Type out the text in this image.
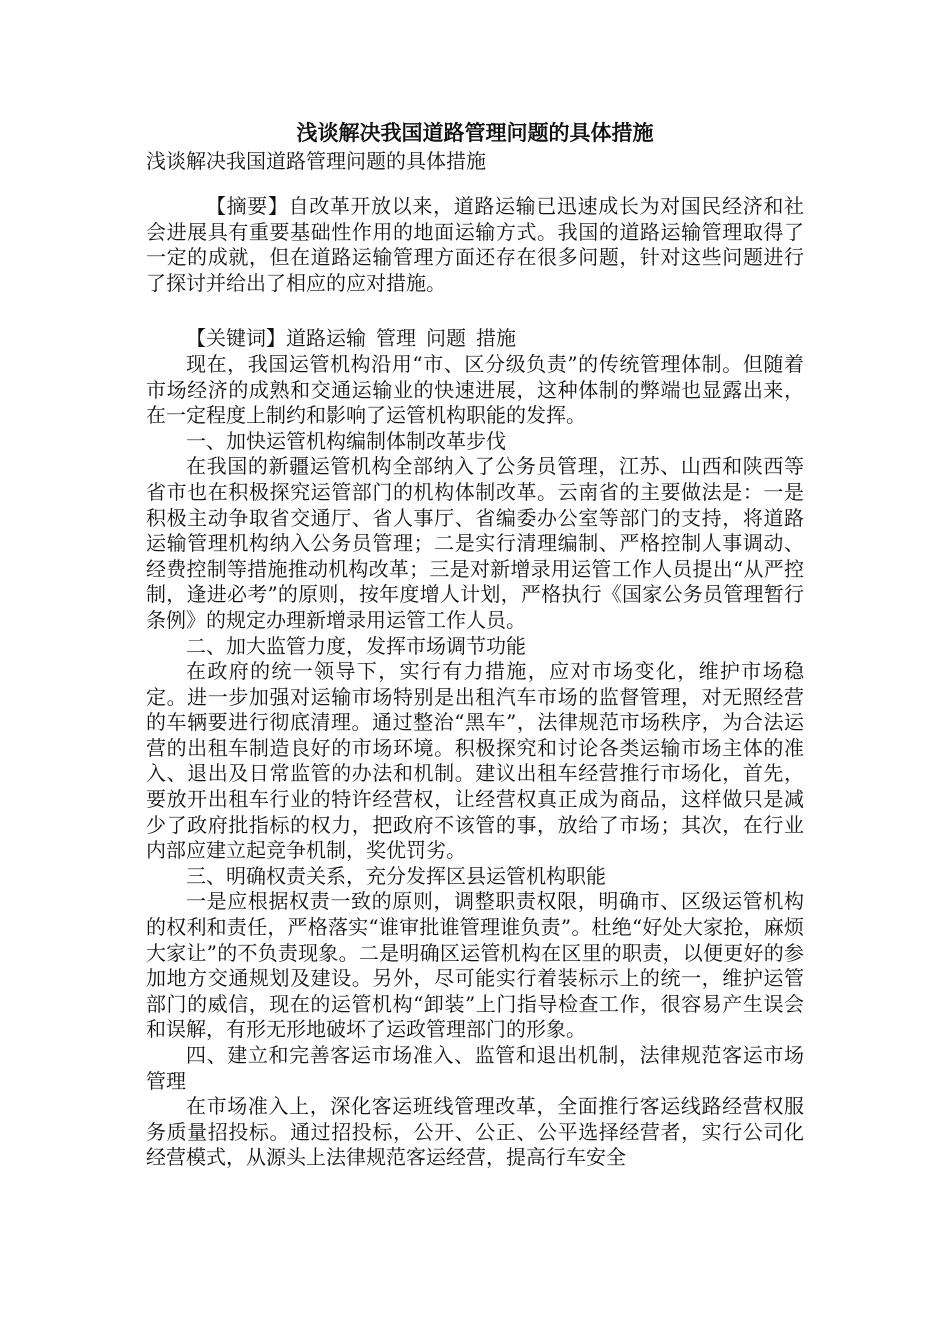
浅谈解决我国道路管理问题的具体措施
浅谈解决我国道路管理问题的具体措施

【摘要】自改革开放以来，道路运输已迅速成长为对国民经济和社会进展具有重要基础性作用的地面运输方式。我国的道路运输管理取得了一定的成就，但在道路运输管理方面还存在很多问题，针对这些问题进行了探讨并给出了相应的应对措施。

【关键词】道路运输 管理 问题 措施

现在，我国运管机构沿用“市、区分级负责”的传统管理体制。但随着市场经济的成熟和交通运输业的快速进展，这种体制的弊端也显露出来，在一定程度上制约和影响了运管机构职能的发挥。

一、加快运管机构编制体制改革步伐

在我国的新疆运管机构全部纳入了公务员管理，江苏、山西和陕西等省市也在积极探究运管部门的机构体制改革。云南省的主要做法是：一是积极主动争取省交通厅、省人事厅、省编委办公室等部门的支持，将道路运输管理机构纳入公务员管理；二是实行清理编制、严格控制人事调动、经费控制等措施推动机构改革；三是对新增录用运管工作人员提出“从严控制，逢进必考”的原则，按年度增人计划，严格执行《国家公务员管理暂行条例》的规定办理新增录用运管工作人员。

二、加大监管力度，发挥市场调节功能

在政府的统一领导下，实行有力措施，应对市场变化，维护市场稳定。进一步加强对运输市场特别是出租汽车市场的监督管理，对无照经营的车辆要进行彻底清理。通过整治“黑车”，法律规范市场秩序，为合法运营的出租车制造良好的市场环境。积极探究和讨论各类运输市场主体的准入、退出及日常监管的办法和机制。建议出租车经营推行市场化，首先，要放开出租车行业的特许经营权，让经营权真正成为商品，这样做只是减少了政府批指标的权力，把政府不该管的事，放给了市场；其次，在行业内部应建立起竞争机制，奖优罚劣。

三、明确权责关系，充分发挥区县运管机构职能

一是应根据权责一致的原则，调整职责权限，明确市、区级运管机构的权利和责任，严格落实“谁审批谁管理谁负责”。杜绝“好处大家抢，麻烦大家让”的不负责现象。二是明确区运管机构在区里的职责，以便更好的参加地方交通规划及建设。另外，尽可能实行着装标示上的统一，维护运管部门的威信，现在的运管机构“卸装”上门指导检查工作，很容易产生误会和误解，有形无形地破坏了运政管理部门的形象。

四、建立和完善客运市场准入、监管和退出机制，法律规范客运市场管理

在市场准入上，深化客运班线管理改革，全面推行客运线路经营权服务质量招投标。通过招投标，公开、公正、公平选择经营者，实行公司化经营模式，从源头上法律规范客运经营，提高行车安全
